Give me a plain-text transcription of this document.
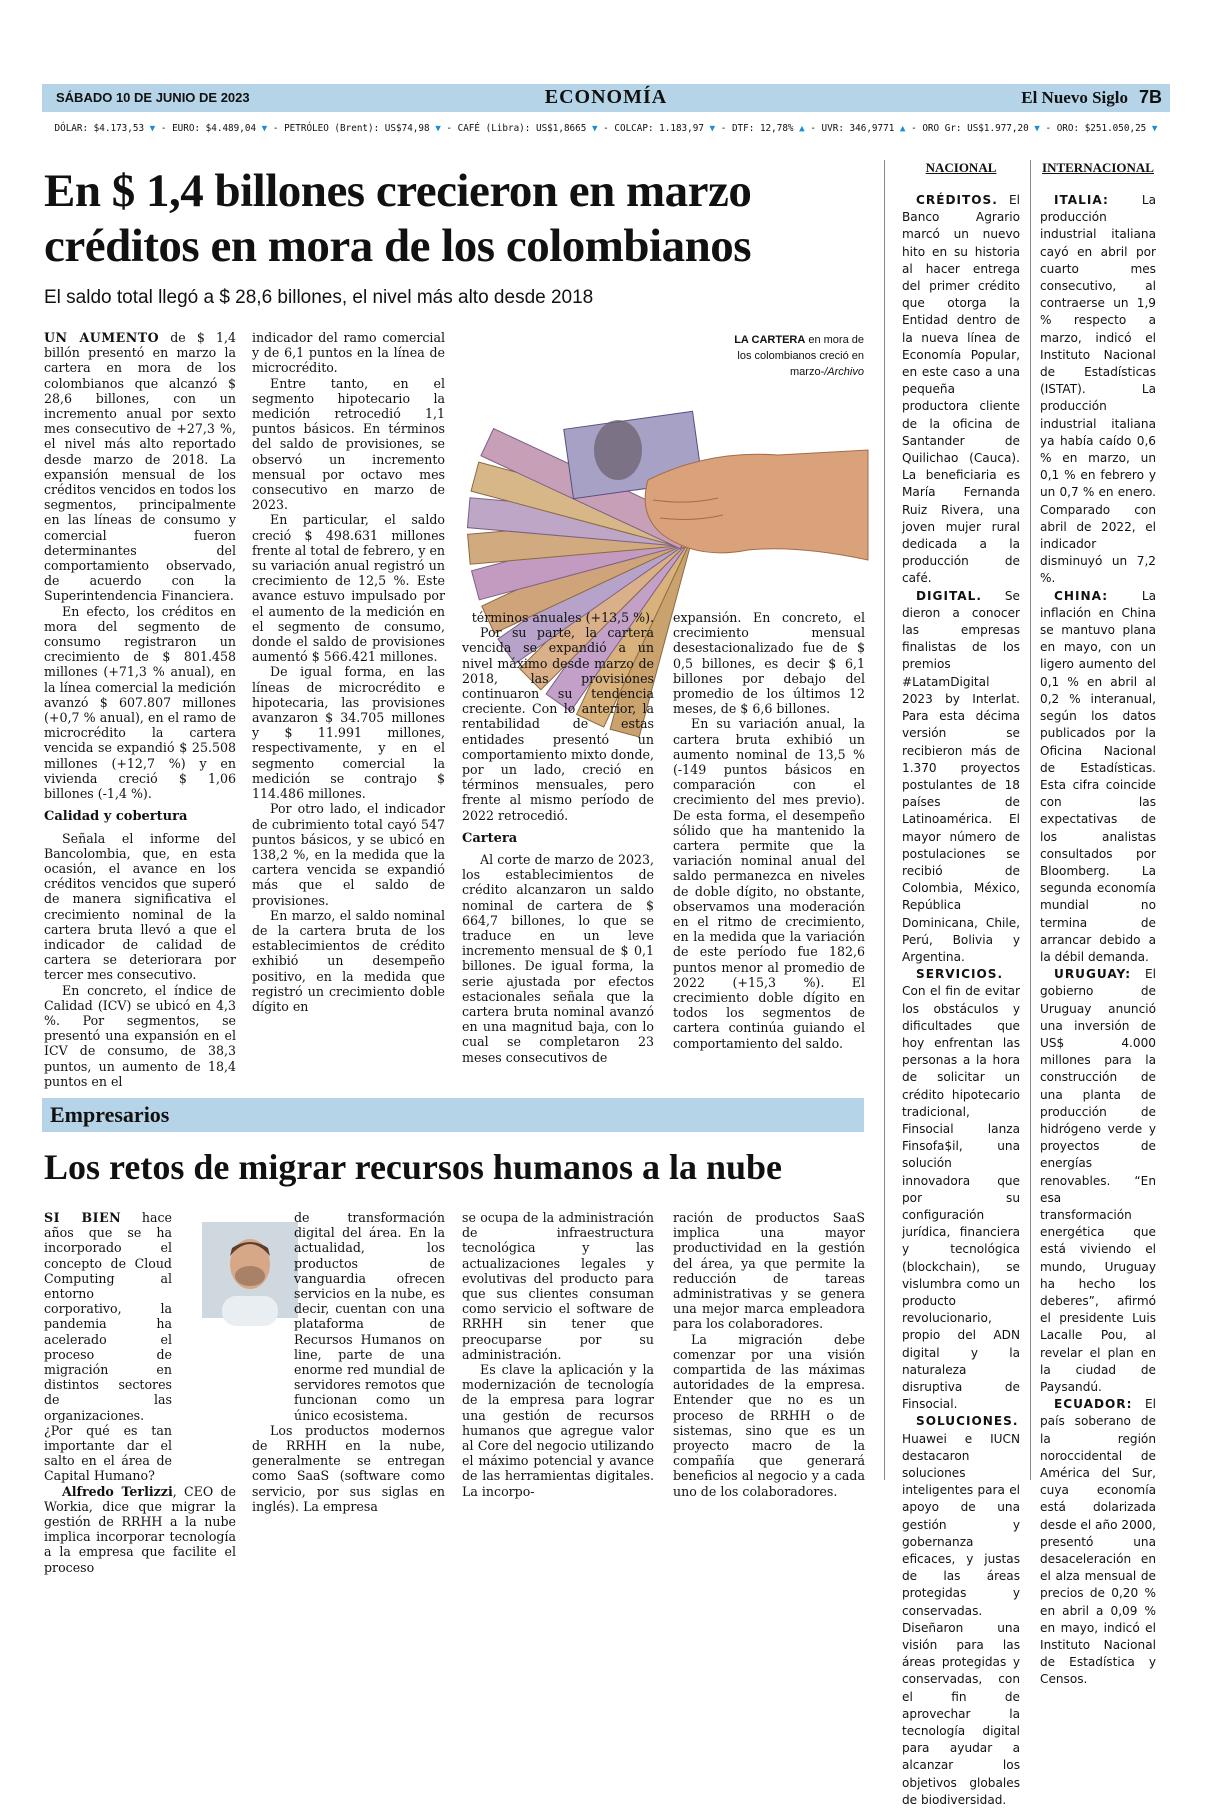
SÁBADO 10 DE JUNIO DE 2023	ECONOMÍA	El Nuevo Siglo 7B
DÓLAR: $4.173,53 ▼ - EURO: $4.489,04 ▼ - PETRÓLEO (Brent): US$74,98 ▼ - CAFÉ (Libra): US$1,8665 ▼ - COLCAP: 1.183,97 ▼ - DTF: 12,78% ▲ - UVR: 346,9771 ▲ - ORO Gr: US$1.977,20 ▼ - ORO: $251.050,25 ▼
En $ 1,4 billones crecieron en marzo créditos en mora de los colombianos
El saldo total llegó a $ 28,6 billones, el nivel más alto desde 2018

UN AUMENTO de $ 1,4 billón presentó en marzo la cartera en mora de los colombianos que alcanzó $ 28,6 billones, con un incremento anual por sexto mes consecutivo de +27,3 %, el nivel más alto reportado desde marzo de 2018. La expansión mensual de los créditos vencidos en todos los segmentos, principalmente en las líneas de consumo y comercial fueron determinantes del comportamiento observado, de acuerdo con la Superintendencia Financiera.

En efecto, los créditos en mora del segmento de consumo registraron un crecimiento de $ 801.458 millones (+71,3 % anual), en la línea comercial la medición avanzó $ 607.807 millones (+0,7 % anual), en el ramo de microcrédito la cartera vencida se expandió $ 25.508 millones (+12,7 %) y en vivienda creció $ 1,06 billones (-1,4 %).

Calidad y cobertura

Señala el informe del Bancolombia, que, en esta ocasión, el avance en los créditos vencidos que superó de manera significativa el crecimiento nominal de la cartera bruta llevó a que el indicador de calidad de cartera se deteriorara por tercer mes consecutivo.

En concreto, el índice de Calidad (ICV) se ubicó en 4,3 %. Por segmentos, se presentó una expansión en el ICV de consumo, de 38,3 puntos, un aumento de 18,4 puntos en el

indicador del ramo comercial y de 6,1 puntos en la línea de microcrédito.

Entre tanto, en el segmento hipotecario la medición retrocedió 1,1 puntos básicos. En términos del saldo de provisiones, se observó un incremento mensual por octavo mes consecutivo en marzo de 2023.

En particular, el saldo creció $ 498.631 millones frente al total de febrero, y en su variación anual registró un crecimiento de 12,5 %. Este avance estuvo impulsado por el aumento de la medición en el segmento de consumo, donde el saldo de provisiones aumentó $ 566.421 millones.

De igual forma, en las líneas de microcrédito e hipotecaria, las provisiones avanzaron $ 34.705 millones y $ 11.991 millones, respectivamente, y en el segmento comercial la medición se contrajo $ 114.486 millones.

Por otro lado, el indicador de cubrimiento total cayó 547 puntos básicos, y se ubicó en 138,2 %, en la medida que la cartera vencida se expandió más que el saldo de provisiones.

En marzo, el saldo nominal de la cartera bruta de los establecimientos de crédito exhibió un desempeño positivo, en la medida que registró un crecimiento doble dígito en

LA CARTERA en mora de los colombianos creció en marzo-/Archivo

términos anuales (+13,5 %).

Por su parte, la cartera vencida se expandió a un nivel máximo desde marzo de 2018, las provisiones continuaron su tendencia creciente. Con lo anterior, la rentabilidad de estas entidades presentó un comportamiento mixto donde, por un lado, creció en términos mensuales, pero frente al mismo período de 2022 retrocedió.

Cartera

Al corte de marzo de 2023, los establecimientos de crédito alcanzaron un saldo nominal de cartera de $ 664,7 billones, lo que se traduce en un leve incremento mensual de $ 0,1 billones. De igual forma, la serie ajustada por efectos estacionales señala que la cartera bruta nominal avanzó en una magnitud baja, con lo cual se completaron 23 meses consecutivos de

expansión. En concreto, el crecimiento mensual desestacionalizado fue de $ 0,5 billones, es decir $ 6,1 billones por debajo del promedio de los últimos 12 meses, de $ 6,6 billones.

En su variación anual, la cartera bruta exhibió un aumento nominal de 13,5 % (-149 puntos básicos en comparación con el crecimiento del mes previo). De esta forma, el desempeño sólido que ha mantenido la cartera permite que la variación nominal anual del saldo permanezca en niveles de doble dígito, no obstante, observamos una moderación en el ritmo de crecimiento, en la medida que la variación de este período fue 182,6 puntos menor al promedio de 2022 (+15,3 %). El crecimiento doble dígito en todos los segmentos de cartera continúa guiando el comportamiento del saldo.

Empresarios
Los retos de migrar recursos humanos a la nube

SI BIEN hace años que se ha incorporado el concepto de Cloud Computing al entorno corporativo, la pandemia ha acelerado el proceso de migración en distintos sectores de las organizaciones. ¿Por qué es tan importante dar el salto en el área de Capital Humano?

Alfredo Terlizzi, CEO de Workia, dice que migrar la gestión de RRHH a la nube implica incorporar tecnología a la empresa que facilite el proceso

de transformación digital del área. En la actualidad, los productos de vanguardia ofrecen servicios en la nube, es decir, cuentan con una plataforma de Recursos Humanos on line, parte de una enorme red mundial de servidores remotos que funcionan como un único ecosistema.

Los productos modernos de RRHH en la nube, generalmente se entregan como SaaS (software como servicio, por sus siglas en inglés). La empresa

se ocupa de la administración de infraestructura tecnológica y las actualizaciones legales y evolutivas del producto para que sus clientes consuman como servicio el software de RRHH sin tener que preocuparse por su administración.

Es clave la aplicación y la modernización de tecnología de la empresa para lograr una gestión de recursos humanos que agregue valor al Core del negocio utilizando el máximo potencial y avance de las herramientas digitales. La incorpo-

ración de productos SaaS implica una mayor productividad en la gestión del área, ya que permite la reducción de tareas administrativas y se genera una mejor marca empleadora para los colaboradores.

La migración debe comenzar por una visión compartida de las máximas autoridades de la empresa. Entender que no es un proceso de RRHH o de sistemas, sino que es un proyecto macro de la compañía que generará beneficios al negocio y a cada uno de los colaboradores.

NACIONAL	INTERNACIONAL

CRÉDITOS. El Banco Agrario marcó un nuevo hito en su historia al hacer entrega del primer crédito que otorga la Entidad dentro de la nueva línea de Economía Popular, en este caso a una pequeña productora cliente de la oficina de Santander de Quilichao (Cauca). La beneficiaria es María Fernanda Ruiz Rivera, una joven mujer rural dedicada a la producción de café.

DIGITAL. Se dieron a conocer las empresas finalistas de los premios #LatamDigital 2023 by Interlat. Para esta décima versión se recibieron más de 1.370 proyectos postulantes de 18 países de Latinoamérica. El mayor número de postulaciones se recibió de Colombia, México, República Dominicana, Chile, Perú, Bolivia y Argentina.

SERVICIOS. Con el fin de evitar los obstáculos y dificultades que hoy enfrentan las personas a la hora de solicitar un crédito hipotecario tradicional, Finsocial lanza Finsofa$il, una solución innovadora que por su configuración jurídica, financiera y tecnológica (blockchain), se vislumbra como un producto revolucionario, propio del ADN digital y la naturaleza disruptiva de Finsocial.

SOLUCIONES. Huawei e IUCN destacaron soluciones inteligentes para el apoyo de una gestión y gobernanza eficaces, y justas de las áreas protegidas y conservadas. Diseñaron una visión para las áreas protegidas y conservadas, con el fin de aprovechar la tecnología digital para ayudar a alcanzar los objetivos globales de biodiversidad.

ITALIA: La producción industrial italiana cayó en abril por cuarto mes consecutivo, al contraerse un 1,9 % respecto a marzo, indicó el Instituto Nacional de Estadísticas (ISTAT). La producción industrial italiana ya había caído 0,6 % en marzo, un 0,1 % en febrero y un 0,7 % en enero. Comparado con abril de 2022, el indicador disminuyó un 7,2 %.

CHINA: La inflación en China se mantuvo plana en mayo, con un ligero aumento del 0,1 % en abril al 0,2 % interanual, según los datos publicados por la Oficina Nacional de Estadísticas. Esta cifra coincide con las expectativas de los analistas consultados por Bloomberg. La segunda economía mundial no termina de arrancar debido a la débil demanda.

URUGUAY: El gobierno de Uruguay anunció una inversión de US$ 4.000 millones para la construcción de una planta de producción de hidrógeno verde y proyectos de energías renovables. “En esa transformación energética que está viviendo el mundo, Uruguay ha hecho los deberes”, afirmó el presidente Luis Lacalle Pou, al revelar el plan en la ciudad de Paysandú.

ECUADOR: El país soberano de la región noroccidental de América del Sur, cuya economía está dolarizada desde el año 2000, presentó una desaceleración en el alza mensual de precios de 0,20 % en abril a 0,09 % en mayo, indicó el Instituto Nacional de Estadística y Censos.
